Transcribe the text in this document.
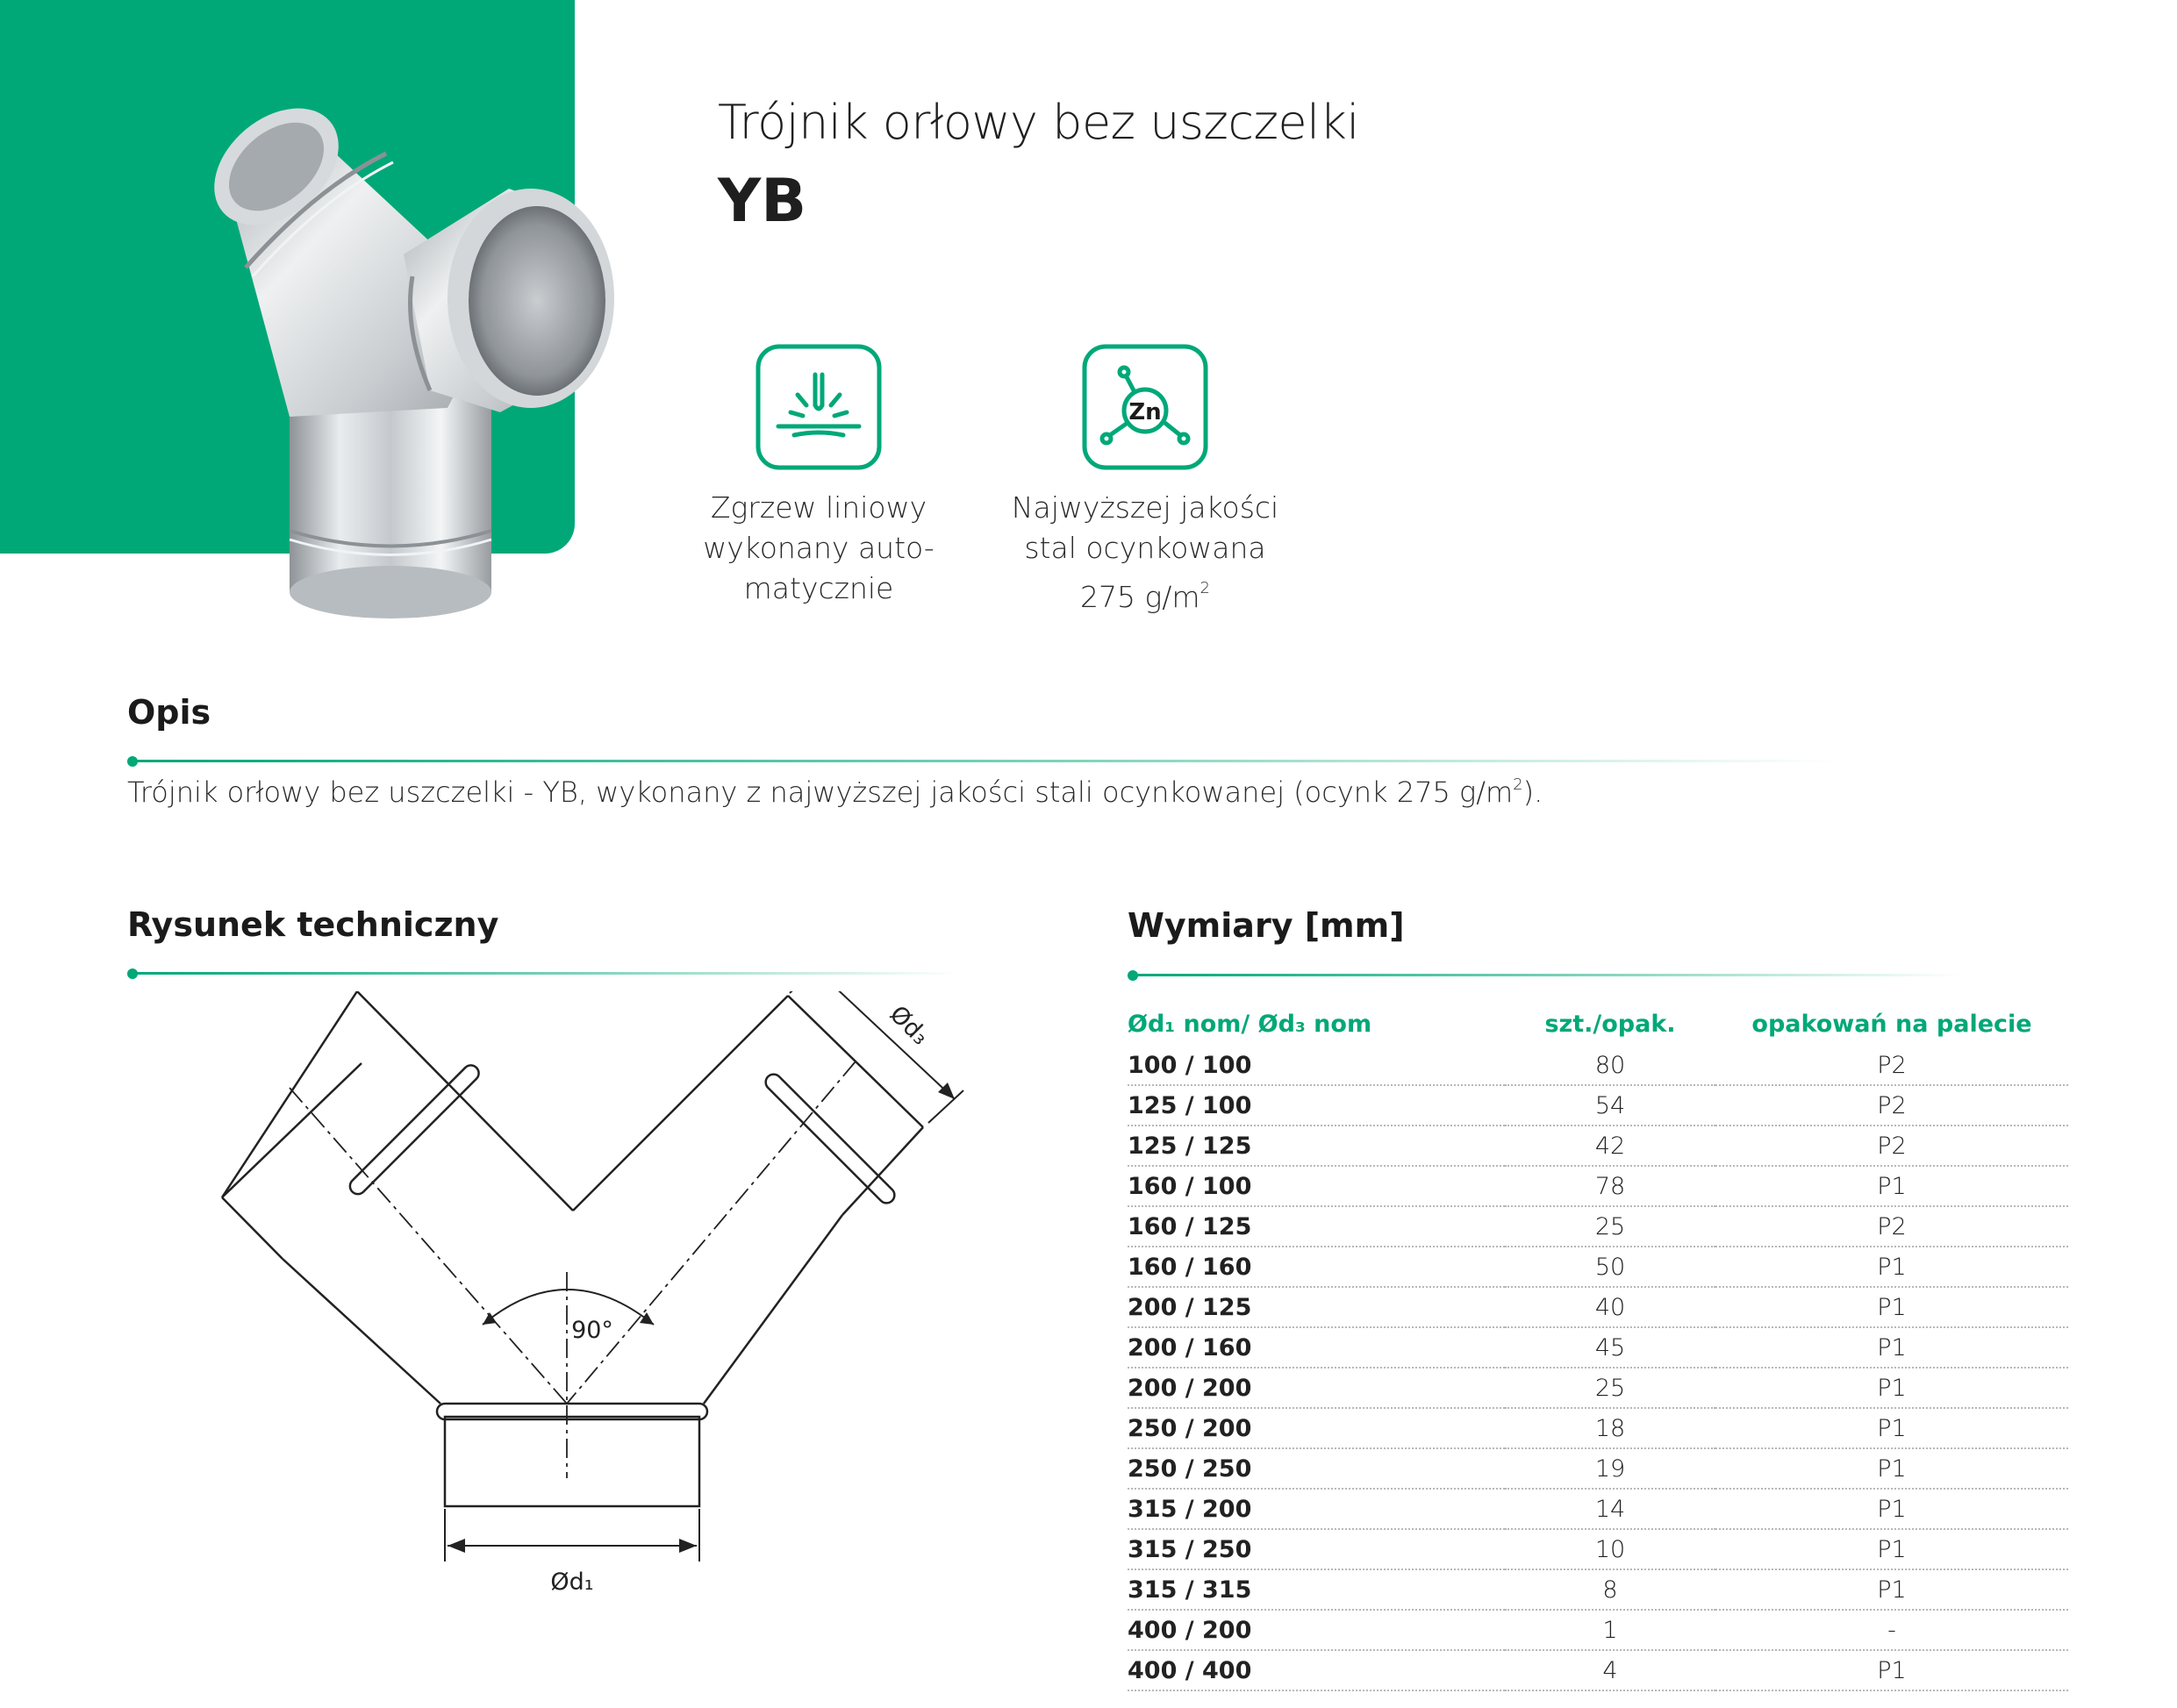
Trójnik orłowy bez uszczelki
YB
Zgrzew liniowy
wykonany auto-
matycznie
Zn
Najwyższej jakości
stal ocynkowana
275 $g/m^2$
Opis

Trójnik orłowy bez uszczelki - YB, wykonany z najwyższej jakości stali ocynkowanej (ocynk 275 $g/m^2$).

Rysunek techniczny
90°
Ød₁
Ød₃
Wymiary [mm]
Ød₁ nom/ Ød₃ nom	szt./opak.	opakowań na palecie
100 / 100	80	P2
125 / 100	54	P2
125 / 125	42	P2
160 / 100	78	P1
160 / 125	25	P2
160 / 160	50	P1
200 / 125	40	P1
200 / 160	45	P1
200 / 200	25	P1
250 / 200	18	P1
250 / 250	19	P1
315 / 200	14	P1
315 / 250	10	P1
315 / 315	8	P1
400 / 200	1	-
400 / 400	4	P1
